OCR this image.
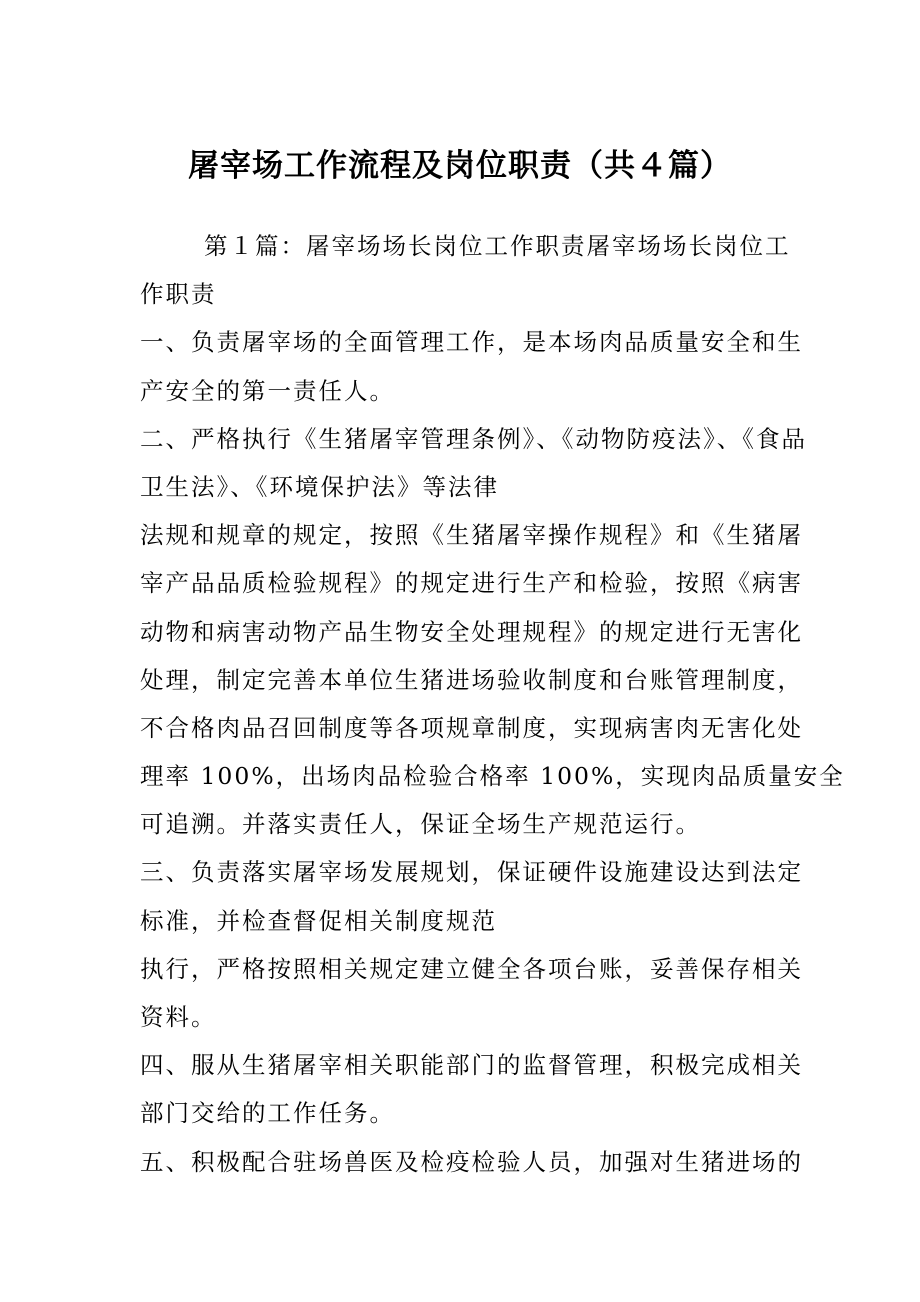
屠宰场工作流程及岗位职责（共４篇）
第１篇：屠宰场场长岗位工作职责屠宰场场长岗位工
作职责
一、负责屠宰场的全面管理工作，是本场肉品质量安全和生
产安全的第一责任人。
二、严格执行《生猪屠宰管理条例》、《动物防疫法》、《食品
卫生法》、《环境保护法》等法律
法规和规章的规定，按照《生猪屠宰操作规程》和《生猪屠
宰产品品质检验规程》的规定进行生产和检验，按照《病害
动物和病害动物产品生物安全处理规程》的规定进行无害化
处理，制定完善本单位生猪进场验收制度和台账管理制度，
不合格肉品召回制度等各项规章制度，实现病害肉无害化处
理率 100%，出场肉品检验合格率 100%，实现肉品质量安全
可追溯。并落实责任人，保证全场生产规范运行。
三、负责落实屠宰场发展规划，保证硬件设施建设达到法定
标准，并检查督促相关制度规范
执行，严格按照相关规定建立健全各项台账，妥善保存相关
资料。
四、服从生猪屠宰相关职能部门的监督管理，积极完成相关
部门交给的工作任务。
五、积极配合驻场兽医及检疫检验人员，加强对生猪进场的
